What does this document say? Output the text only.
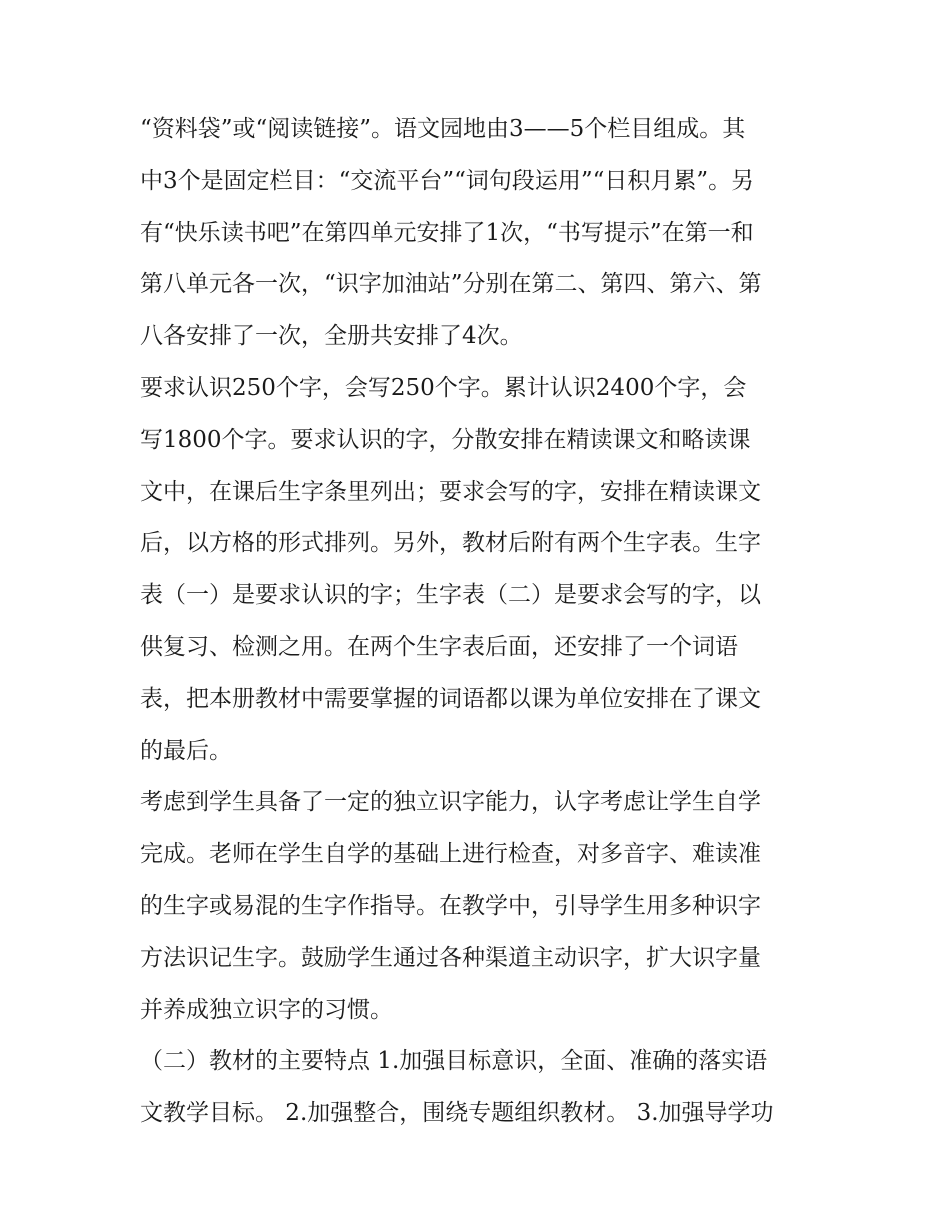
“资料袋”或“阅读链接”。语文园地由3——5个栏目组成。其
中3个是固定栏目：“交流平台”“词句段运用”“日积月累”。另
有“快乐读书吧”在第四单元安排了1次，“书写提示”在第一和
第八单元各一次，“识字加油站”分别在第二、第四、第六、第
八各安排了一次，全册共安排了4次。
要求认识250个字，会写250个字。累计认识2400个字，会
写1800个字。要求认识的字，分散安排在精读课文和略读课
文中，在课后生字条里列出；要求会写的字，安排在精读课文
后，以方格的形式排列。另外，教材后附有两个生字表。生字
表（一）是要求认识的字；生字表（二）是要求会写的字，以
供复习、检测之用。在两个生字表后面，还安排了一个词语
表，把本册教材中需要掌握的词语都以课为单位安排在了课文
的最后。
考虑到学生具备了一定的独立识字能力，认字考虑让学生自学
完成。老师在学生自学的基础上进行检查，对多音字、难读准
的生字或易混的生字作指导。在教学中，引导学生用多种识字
方法识记生字。鼓励学生通过各种渠道主动识字，扩大识字量
并养成独立识字的习惯。
（二）教材的主要特点 1.加强目标意识，全面、准确的落实语
文教学目标。 2.加强整合，围绕专题组织教材。 3.加强导学功
